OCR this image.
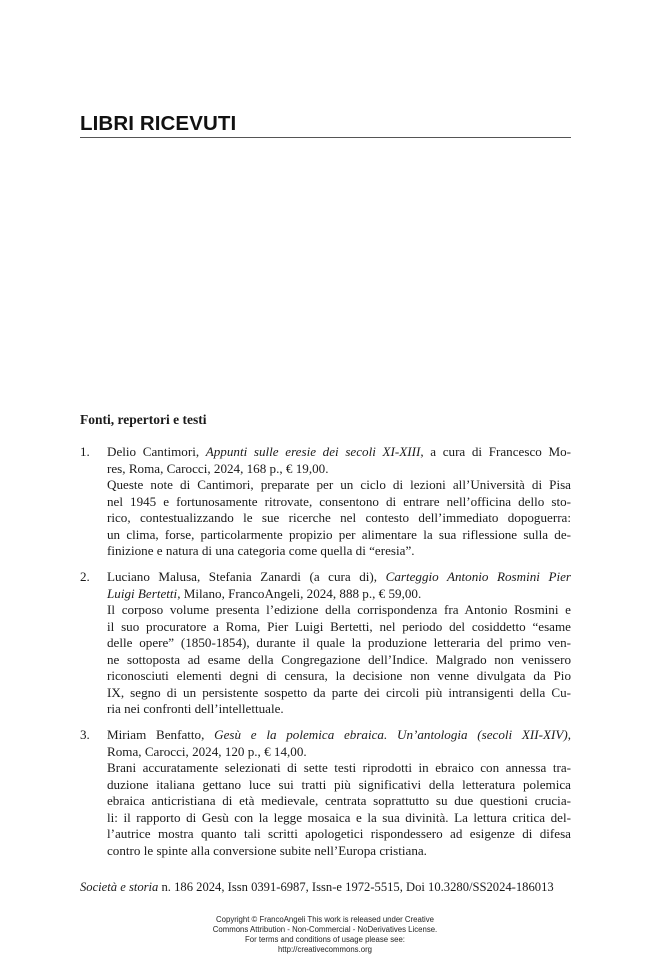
LIBRI RICEVUTI
Fonti, repertori e testi
1. Delio Cantimori, Appunti sulle eresie dei secoli XI-XIII, a cura di Francesco Mo-
res, Roma, Carocci, 2024, 168 p., € 19,00.
Queste note di Cantimori, preparate per un ciclo di lezioni all’Università di Pisa
nel 1945 e fortunosamente ritrovate, consentono di entrare nell’officina dello sto-
rico, contestualizzando le sue ricerche nel contesto dell’immediato dopoguerra:
un clima, forse, particolarmente propizio per alimentare la sua riflessione sulla de-
finizione e natura di una categoria come quella di “eresia”.
2. Luciano Malusa, Stefania Zanardi (a cura di), Carteggio Antonio Rosmini Pier
Luigi Bertetti, Milano, FrancoAngeli, 2024, 888 p., € 59,00.
Il corposo volume presenta l’edizione della corrispondenza fra Antonio Rosmini e
il suo procuratore a Roma, Pier Luigi Bertetti, nel periodo del cosiddetto “esame
delle opere” (1850-1854), durante il quale la produzione letteraria del primo ven-
ne sottoposta ad esame della Congregazione dell’Indice. Malgrado non venissero
riconosciuti elementi degni di censura, la decisione non venne divulgata da Pio
IX, segno di un persistente sospetto da parte dei circoli più intransigenti della Cu-
ria nei confronti dell’intellettuale.
3. Miriam Benfatto, Gesù e la polemica ebraica. Un’antologia (secoli XII-XIV),
Roma, Carocci, 2024, 120 p., € 14,00.
Brani accuratamente selezionati di sette testi riprodotti in ebraico con annessa tra-
duzione italiana gettano luce sui tratti più significativi della letteratura polemica
ebraica anticristiana di età medievale, centrata soprattutto su due questioni crucia-
li: il rapporto di Gesù con la legge mosaica e la sua divinità. La lettura critica del-
l’autrice mostra quanto tali scritti apologetici rispondessero ad esigenze di difesa
contro le spinte alla conversione subite nell’Europa cristiana.
Società e storia n. 186 2024, Issn 0391-6987, Issn-e 1972-5515, Doi 10.3280/SS2024-186013
Copyright © FrancoAngeli This work is released under Creative
Commons Attribution - Non-Commercial - NoDerivatives License.
For terms and conditions of usage please see:
http://creativecommons.org
